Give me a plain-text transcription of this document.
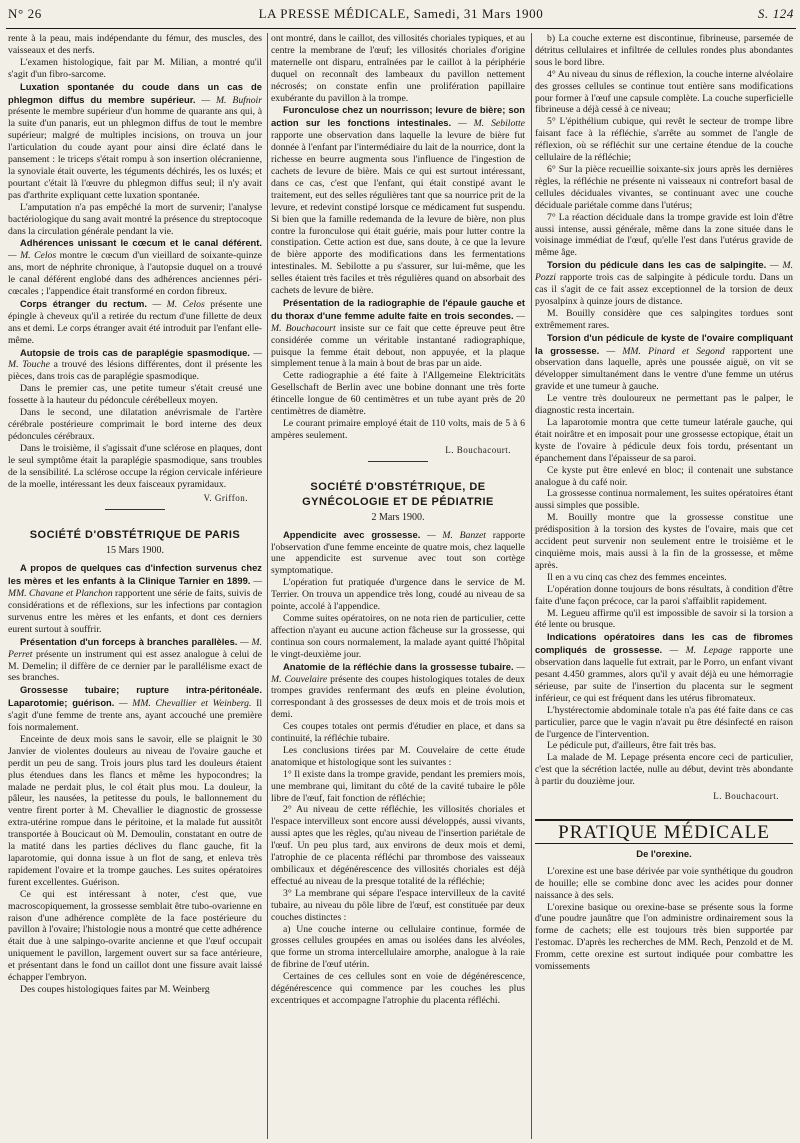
N° 26	LA PRESSE MÉDICALE, Samedi, 31 Mars 1900	S. 124

rente à la peau, mais indépendante du fémur, des muscles, des vaisseaux et des nerfs.

L'examen histologique, fait par M. Milian, a montré qu'il s'agit d'un fibro-sarcome.

Luxation spontanée du coude dans un cas de phlegmon diffus du membre supérieur. — M. Bufnoir présente le membre supérieur d'un homme de quarante ans qui, à la suite d'un panaris, eut un phlegmon diffus de tout le membre supérieur; malgré de multiples incisions, on trouva un jour l'articulation du coude ayant pour ainsi dire éclaté dans le pansement : le triceps s'était rompu à son insertion olécranienne, la synoviale était ouverte, les téguments déchirés, les os luxés; et pourtant c'était là l'œuvre du phlegmon diffus seul; il n'y avait pas d'arthrite expliquant cette luxation spontanée.

L'amputation n'a pas empêché la mort de survenir; l'analyse bactériologique du sang avait montré la présence du streptocoque dans la circulation générale pendant la vie.

Adhérences unissant le cœcum et le canal déférent. — M. Celos montre le cœcum d'un vieillard de soixante-quinze ans, mort de néphrite chronique, à l'autopsie duquel on a trouvé le canal déférent englobé dans des adhérences anciennes péri-cœcales ; l'appendice était transformé en cordon fibreux.

Corps étranger du rectum. — M. Celos présente une épingle à cheveux qu'il a retirée du rectum d'une fillette de deux ans et demi. Le corps étranger avait été introduit par l'enfant elle-même.

Autopsie de trois cas de paraplégie spasmodique. — M. Touche a trouvé des lésions différentes, dont il présente les pièces, dans trois cas de paraplégie spasmodique.

Dans le premier cas, une petite tumeur s'était creusé une fossette à la hauteur du pédoncule cérébelleux moyen.

Dans le second, une dilatation anévrismale de l'artère cérébrale postérieure comprimait le bord interne des deux pédoncules cérébraux.

Dans le troisième, il s'agissait d'une sclérose en plaques, dont le seul symptôme était la paraplégie spasmodique, sans troubles de la sensibilité. La sclérose occupe la région cervicale inférieure de la moelle, intéressant les deux faisceaux pyramidaux.

V. Griffon.

SOCIÉTÉ D'OBSTÉTRIQUE DE PARIS

15 Mars 1900.

A propos de quelques cas d'infection survenus chez les mères et les enfants à la Clinique Tarnier en 1899. — MM. Chavane et Planchon rapportent une série de faits, suivis de considérations et de réflexions, sur les infections par contagion survenus entre les mères et les enfants, et dont ces derniers eurent surtout à souffrir.

Présentation d'un forceps à branches parallèles. — M. Perret présente un instrument qui est assez analogue à celui de M. Demelin; il diffère de ce dernier par le parallélisme exact de ses branches.

Grossesse tubaire; rupture intra-péritonéale. Laparotomie; guérison. — MM. Chevallier et Weinberg. Il s'agit d'une femme de trente ans, ayant accouché une première fois normalement.

Enceinte de deux mois sans le savoir, elle se plaignit le 30 Janvier de violentes douleurs au niveau de l'ovaire gauche et perdit un peu de sang. Trois jours plus tard les douleurs étaient plus étendues dans les flancs et même les hypocondres; la malade ne perdait plus, le col était plus mou. La douleur, la pâleur, les nausées, la petitesse du pouls, le ballonnement du ventre firent porter à M. Chevallier le diagnostic de grossesse extra-utérine rompue dans le péritoine, et la malade fut aussitôt transportée à Boucicaut où M. Demoulin, constatant en outre de la matité dans les parties déclives du flanc gauche, fit la laparotomie, qui donna issue à un flot de sang, et enleva très rapidement l'ovaire et la trompe gauches. Les suites opératoires furent excellentes. Guérison.

Ce qui est intéressant à noter, c'est que, vue macroscopiquement, la grossesse semblait être tubo-ovarienne en raison d'une adhérence complète de la face postérieure du pavillon à l'ovaire; l'histologie nous a montré que cette adhérence était due à une salpingo-ovarite ancienne et que l'œuf occupait uniquement le pavillon, largement ouvert sur sa face antérieure, et présentant dans le fond un caillot dont une fissure avait laissé échapper l'embryon.

Des coupes histologiques faites par M. Weinberg

ont montré, dans le caillot, des villosités choriales typiques, et au centre la membrane de l'œuf; les villosités choriales d'origine maternelle ont disparu, entraînées par le caillot à la périphérie duquel on reconnaît des lambeaux du pavillon nettement nécrosés; on constate enfin une prolifération papillaire exubérante du pavillon à la trompe.

Furonculose chez un nourrisson; levure de bière; son action sur les fonctions intestinales. — M. Sebilotte rapporte une observation dans laquelle la levure de bière fut donnée à l'enfant par l'intermédiaire du lait de la nourrice, dont la richesse en beurre augmenta sous l'influence de l'ingestion de cachets de levure de bière. Mais ce qui est surtout intéressant, dans ce cas, c'est que l'enfant, qui était constipé avant le traitement, eut des selles régulières tant que sa nourrice prit de la levure, et redevint constipé lorsque ce médicament fut suspendu. Si bien que la famille redemanda de la levure de bière, non plus contre la furonculose qui était guérie, mais pour lutter contre la constipation. Cette action est due, sans doute, à ce que la levure de bière apporte des modifications dans les fermentations intestinales. M. Sebilotte a pu s'assurer, sur lui-même, que les selles étaient très faciles et très régulières quand on absorbait des cachets de levure de bière.

Présentation de la radiographie de l'épaule gauche et du thorax d'une femme adulte faite en trois secondes. — M. Bouchacourt insiste sur ce fait que cette épreuve peut être considérée comme un véritable instantané radiographique, puisque la femme était debout, non appuyée, et la plaque simplement tenue à la main à bout de bras par un aide.

Cette radiographie a été faite à l'Allgemeine Elektricitäts Gesellschaft de Berlin avec une bobine donnant une très forte étincelle longue de 60 centimètres et un tube ayant près de 20 centimètres de diamètre.

Le courant primaire employé était de 110 volts, mais de 5 à 6 ampères seulement.

L. Bouchacourt.

SOCIÉTÉ D'OBSTÉTRIQUE, DE GYNÉCOLOGIE ET DE PÉDIATRIE

2 Mars 1900.

Appendicite avec grossesse. — M. Banzet rapporte l'observation d'une femme enceinte de quatre mois, chez laquelle une appendicite est survenue avec tout son cortège symptomatique.

L'opération fut pratiquée d'urgence dans le service de M. Terrier. On trouva un appendice très long, coudé au niveau de sa pointe, accolé à l'appendice.

Comme suites opératoires, on ne nota rien de particulier, cette affection n'ayant eu aucune action fâcheuse sur la grossesse, qui continua son cours normalement, la malade ayant quitté l'hôpital le vingt-deuxième jour.

Anatomie de la réfléchie dans la grossesse tubaire. — M. Couvelaire présente des coupes histologiques totales de deux trompes gravides renfermant des œufs en pleine évolution, correspondant à des grossesses de deux mois et de trois mois et demi.

Ces coupes totales ont permis d'étudier en place, et dans sa continuité, la réfléchie tubaire.

Les conclusions tirées par M. Couvelaire de cette étude anatomique et histologique sont les suivantes :

1° Il existe dans la trompe gravide, pendant les premiers mois, une membrane qui, limitant du côté de la cavité tubaire le pôle libre de l'œuf, fait fonction de réfléchie;

2° Au niveau de cette réfléchie, les villosités choriales et l'espace intervilleux sont encore aussi développés, aussi vivants, aussi aptes que les règles, qu'au niveau de l'insertion pariétale de l'œuf. Un peu plus tard, aux environs de deux mois et demi, l'atrophie de ce placenta réfléchi par thrombose des vaisseaux ombilicaux et dégénérescence des villosités choriales est déjà effectué au niveau de la presque totalité de la réfléchie;

3° La membrane qui sépare l'espace intervilleux de la cavité tubaire, au niveau du pôle libre de l'œuf, est constituée par deux couches distinctes :

a) Une couche interne ou cellulaire continue, formée de grosses cellules groupées en amas ou isolées dans les alvéoles, que forme un stroma intercellulaire amorphe, analogue à la raie de fibrine de l'œuf utérin.

Certaines de ces cellules sont en voie de dégénérescence, dégénérescence qui commence par les couches les plus excentriques et accompagne l'atrophie du placenta réfléchi.

b) La couche externe est discontinue, fibrineuse, parsemée de détritus cellulaires et infiltrée de cellules rondes plus abondantes sous le bord libre.

4° Au niveau du sinus de réflexion, la couche interne alvéolaire des grosses cellules se continue tout entière sans modifications pour former à l'œuf une capsule complète. La couche superficielle fibrineuse a déjà cessé à ce niveau;

5° L'épithélium cubique, qui revêt le secteur de trompe libre faisant face à la réfléchie, s'arrête au sommet de l'angle de réflexion, où se réfléchit sur une certaine étendue de la couche cellulaire de la réfléchie;

6° Sur la pièce recueillie soixante-six jours après les dernières règles, la réfléchie ne présente ni vaisseaux ni contrefort basal de cellules déciduales vivantes, se continuant avec une couche déciduale pariétale comme dans l'utérus;

7° La réaction déciduale dans la trompe gravide est loin d'être aussi intense, aussi générale, même dans la zone située dans le voisinage immédiat de l'œuf, qu'elle l'est dans l'utérus gravide de même âge.

Torsion du pédicule dans les cas de salpingite. — M. Pozzi rapporte trois cas de salpingite à pédicule tordu. Dans un cas il s'agit de ce fait assez exceptionnel de la torsion de deux pyosalpinx à quinze jours de distance.

M. Bouilly considère que ces salpingites tordues sont extrêmement rares.

Torsion d'un pédicule de kyste de l'ovaire compliquant la grossesse. — MM. Pinard et Segond rapportent une observation dans laquelle, après une poussée aiguë, on vit se développer simultanément dans le ventre d'une femme un utérus gravide et une tumeur à gauche.

Le ventre très douloureux ne permettant pas le palper, le diagnostic resta incertain.

La laparotomie montra que cette tumeur latérale gauche, qui était noirâtre et en imposait pour une grossesse ectopique, était un kyste de l'ovaire à pédicule deux fois tordu, présentant un épanchement dans l'épaisseur de sa paroi.

Ce kyste put être enlevé en bloc; il contenait une substance analogue à du café noir.

La grossesse continua normalement, les suites opératoires étant aussi simples que possible.

M. Bouilly montre que la grossesse constitue une prédisposition à la torsion des kystes de l'ovaire, mais que cet accident peut survenir non seulement entre le troisième et le cinquième mois, mais aussi à la fin de la grossesse, et même après.

Il en a vu cinq cas chez des femmes enceintes.

L'opération donne toujours de bons résultats, à condition d'être faite d'une façon précoce, car la paroi s'affaiblit rapidement.

M. Legueu affirme qu'il est impossible de savoir si la torsion a été lente ou brusque.

Indications opératoires dans les cas de fibromes compliqués de grossesse. — M. Lepage rapporte une observation dans laquelle fut extrait, par le Porro, un enfant vivant pesant 4.450 grammes, alors qu'il y avait déjà eu une hémorragie sérieuse, par suite de l'insertion du placenta sur le segment inférieur, ce qui est fréquent dans les utérus fibromateux.

L'hystérectomie abdominale totale n'a pas été faite dans ce cas particulier, parce que le vagin n'avait pu être désinfecté en raison de l'urgence de l'intervention.

Le pédicule put, d'ailleurs, être fait très bas.

La malade de M. Lepage présenta encore ceci de particulier, c'est que la sécrétion lactée, nulle au début, devint très abondante à partir du douzième jour.

L. Bouchacourt.

PRATIQUE MÉDICALE

De l'orexine.

L'orexine est une base dérivée par voie synthétique du goudron de houille; elle se combine donc avec les acides pour donner naissance à des sels.

L'orexine basique ou orexine-base se présente sous la forme d'une poudre jaunâtre que l'on administre ordinairement sous la forme de cachets; elle est toujours très bien supportée par l'estomac. D'après les recherches de MM. Rech, Penzold et de M. Fromm, cette orexine est surtout indiquée pour combattre les vomissements
